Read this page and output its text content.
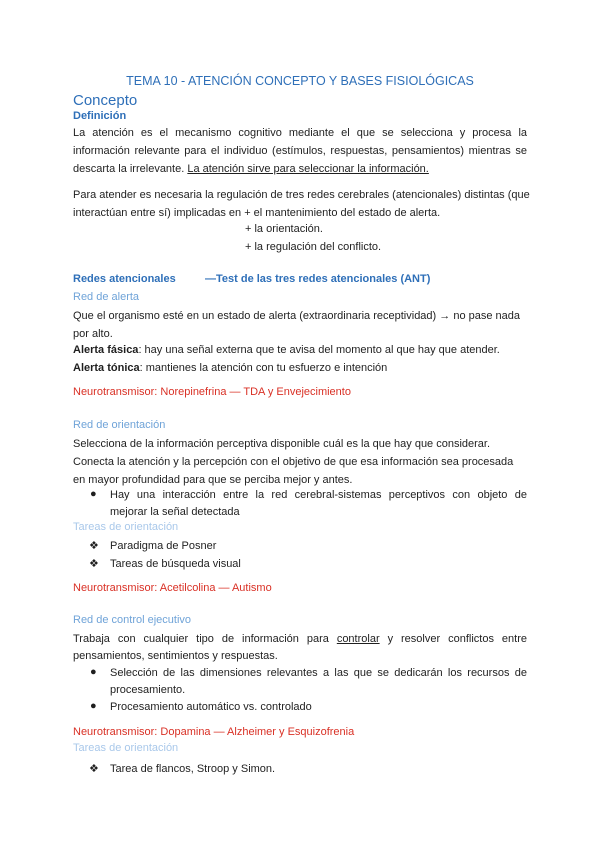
TEMA 10 - ATENCIÓN CONCEPTO Y BASES FISIOLÓGICAS
Concepto
Definición
La atención es el mecanismo cognitivo mediante el que se selecciona y procesa la
información relevante para el individuo (estímulos, respuestas, pensamientos) mientras se
descarta la irrelevante. La atención sirve para seleccionar la información.
Para atender es necesaria la regulación de tres redes cerebrales (atencionales) distintas (que
interactúan entre sí) implicadas en + el mantenimiento del estado de alerta.
+ la orientación.
+ la regulación del conflicto.
Redes atencionales	—Test de las tres redes atencionales (ANT)
Red de alerta
Que el organismo esté en un estado de alerta (extraordinaria receptividad) → no pase nada
por alto.
Alerta fásica: hay una señal externa que te avisa del momento al que hay que atender.
Alerta tónica: mantienes la atención con tu esfuerzo e intención
Neurotransmisor: Norepinefrina — TDA y Envejecimiento
Red de orientación
Selecciona de la información perceptiva disponible cuál es la que hay que considerar.
Conecta la atención y la percepción con el objetivo de que esa información sea procesada
en mayor profundidad para que se perciba mejor y antes.
● Hay una interacción entre la red cerebral-sistemas perceptivos con objeto de
mejorar la señal detectada
Tareas de orientación
❖ Paradigma de Posner
❖ Tareas de búsqueda visual
Neurotransmisor: Acetilcolina — Autismo
Red de control ejecutivo
Trabaja con cualquier tipo de información para controlar y resolver conflictos entre
pensamientos, sentimientos y respuestas.
● Selección de las dimensiones relevantes a las que se dedicarán los recursos de
procesamiento.
● Procesamiento automático vs. controlado
Neurotransmisor: Dopamina — Alzheimer y Esquizofrenia
Tareas de orientación
❖ Tarea de flancos, Stroop y Simon.
